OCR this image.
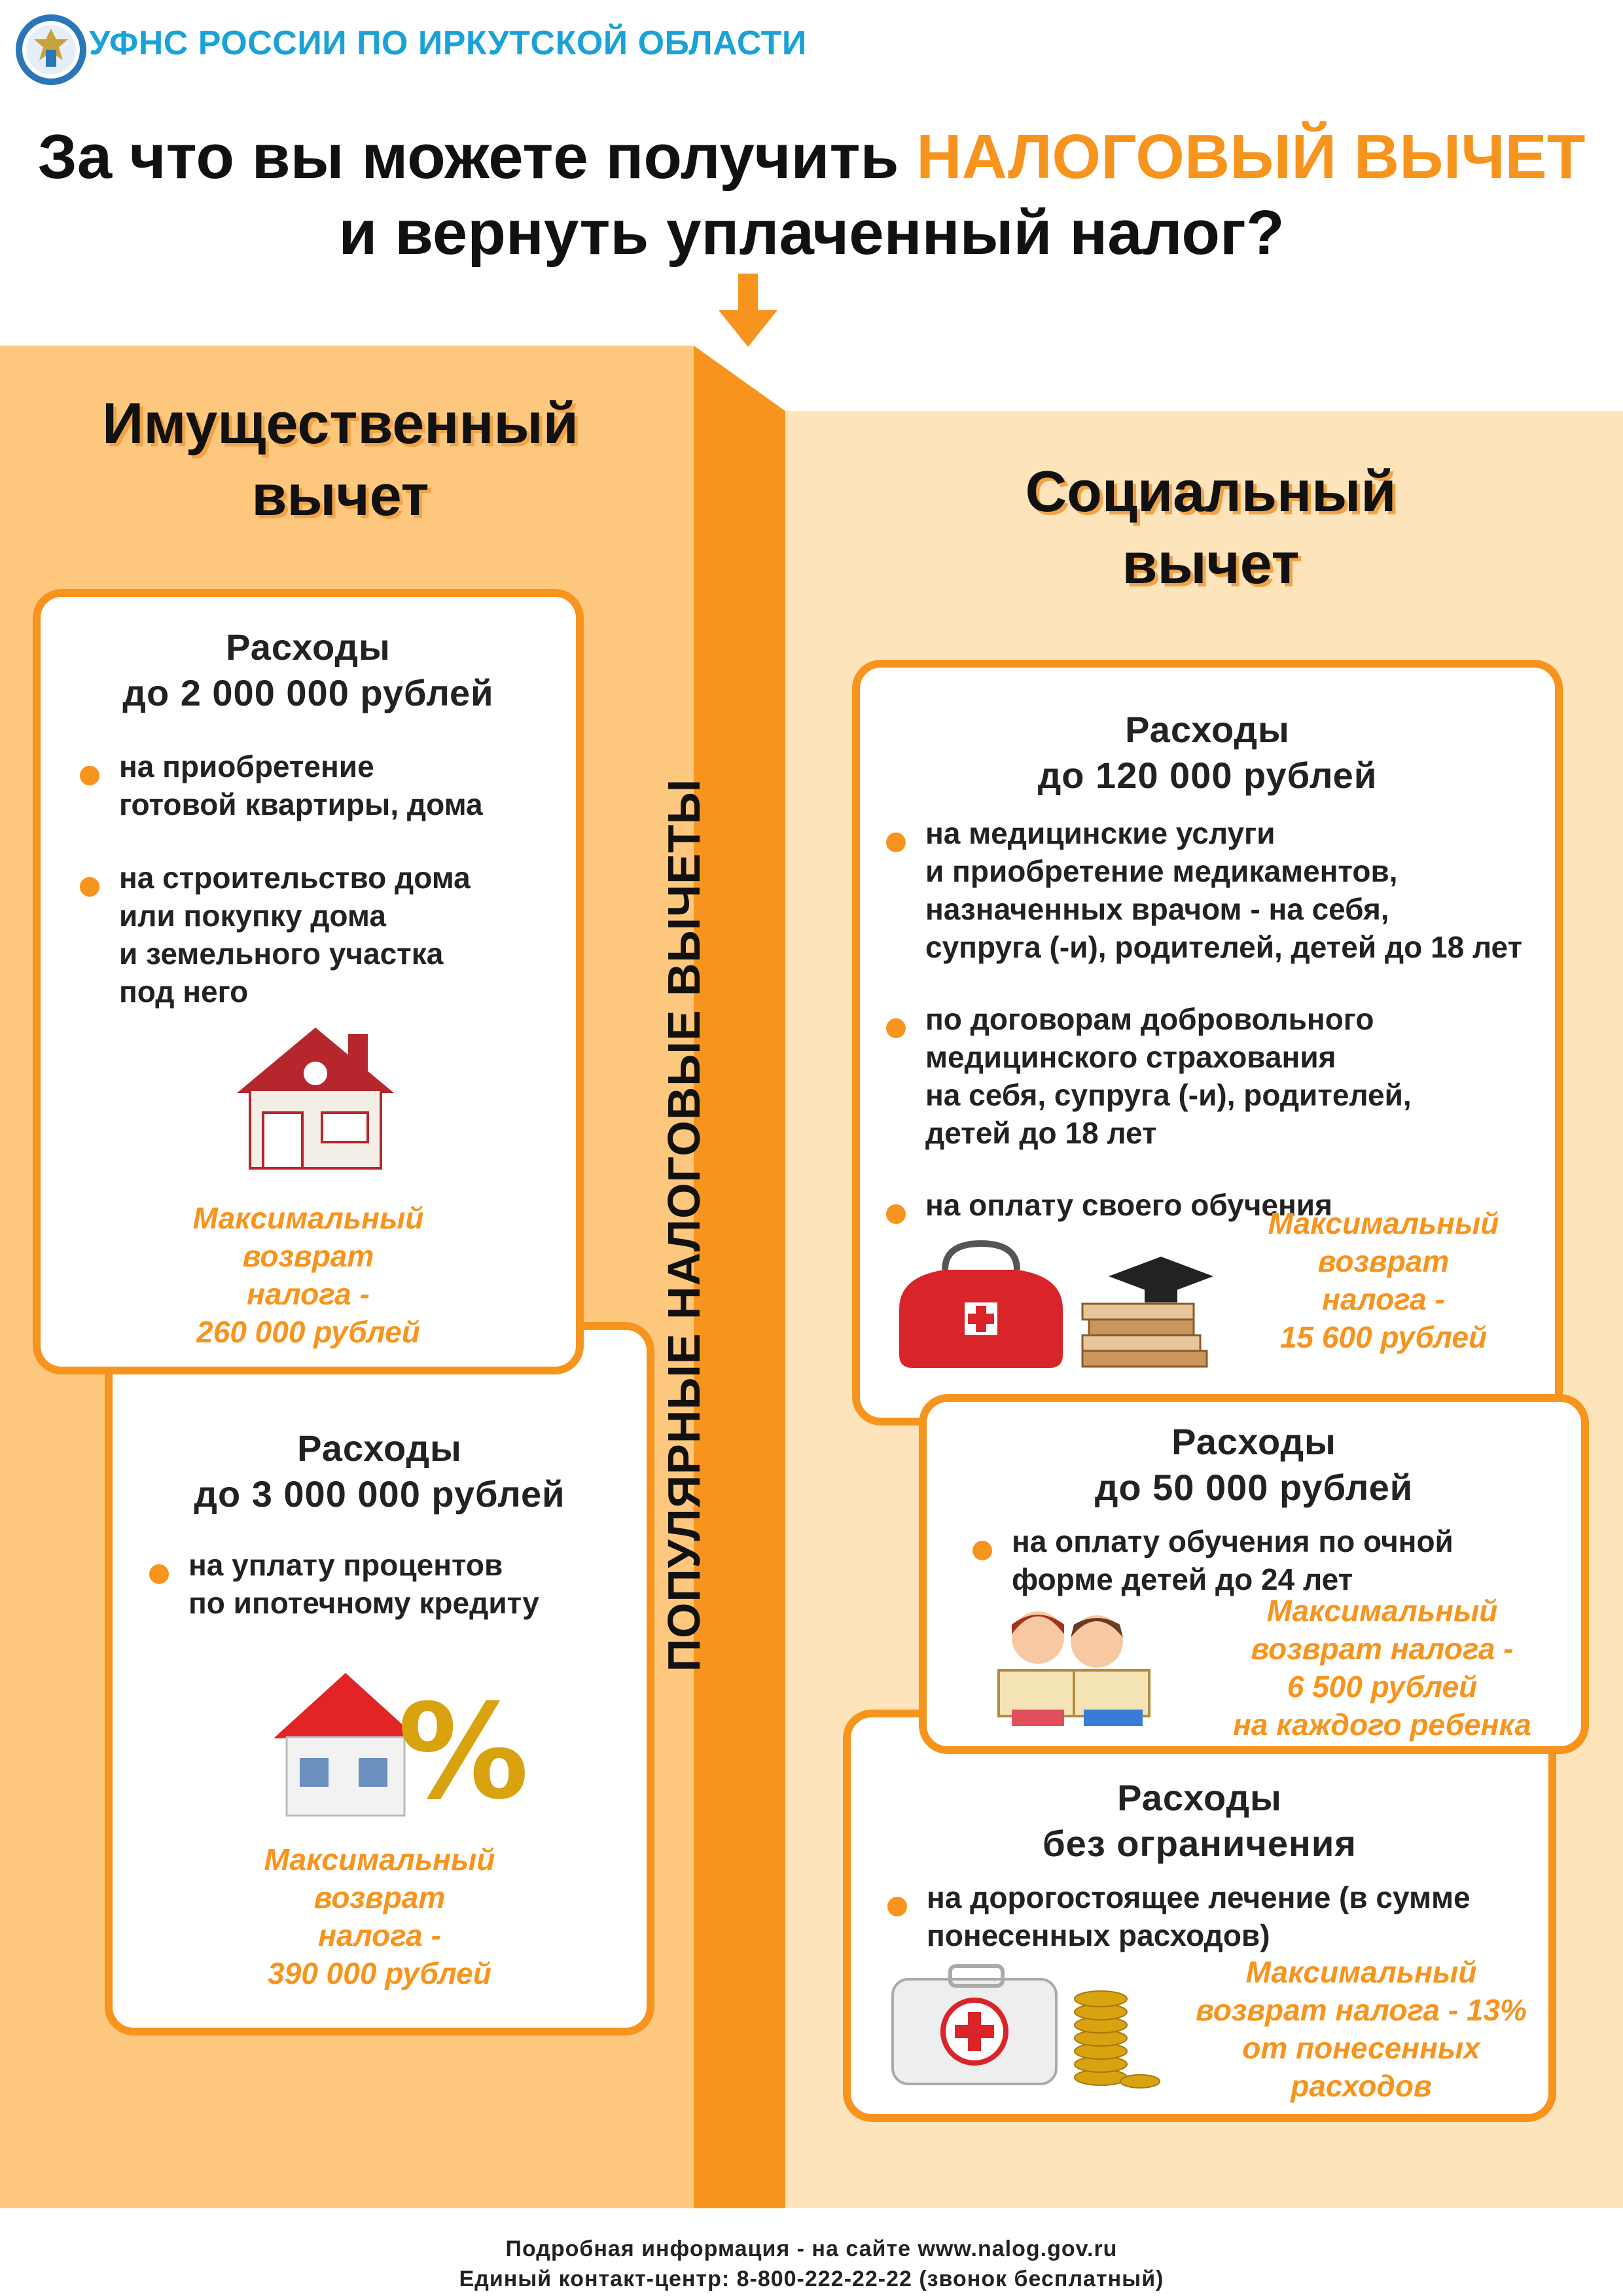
УФНС РОССИИ ПО ИРКУТСКОЙ ОБЛАСТИ
За что вы можете получить НАЛОГОВЫЙ ВЫЧЕТ
и вернуть уплаченный налог?
ПОПУЛЯРНЫЕ НАЛОГОВЫЕ ВЫЧЕТЫ
Имущественный
вычет
Расходы
до 3 000 000 рублей
на уплату процентов
по ипотечному кредиту
%
Максимальный
возврат
налога -
390 000 рублей
Расходы
до 2 000 000 рублей
на приобретение
готовой квартиры, дома
на строительство дома
или покупку дома
и земельного участка
под него
Максимальный
возврат
налога -
260 000 рублей
Социальный
вычет
Расходы
без ограничения
на дорогостоящее лечение (в сумме
понесенных расходов)
Максимальный
возврат налога - 13%
от понесенных
расходов
Расходы
до 120 000 рублей
на медицинские услуги
и приобретение медикаментов,
назначенных врачом - на себя,
супруга (-и), родителей, детей до 18 лет
по договорам добровольного
медицинского страхования
на себя, супруга (-и), родителей,
детей до 18 лет
на оплату своего обучения
Максимальный
возврат
налога -
15 600 рублей
Расходы
до 50 000 рублей
на оплату обучения по очной
форме детей до 24 лет
Максимальный
возврат налога -
6 500 рублей
на каждого ребенка
Подробная информация - на сайте www.nalog.gov.ru
Единый контакт-центр: 8-800-222-22-22 (звонок бесплатный)
